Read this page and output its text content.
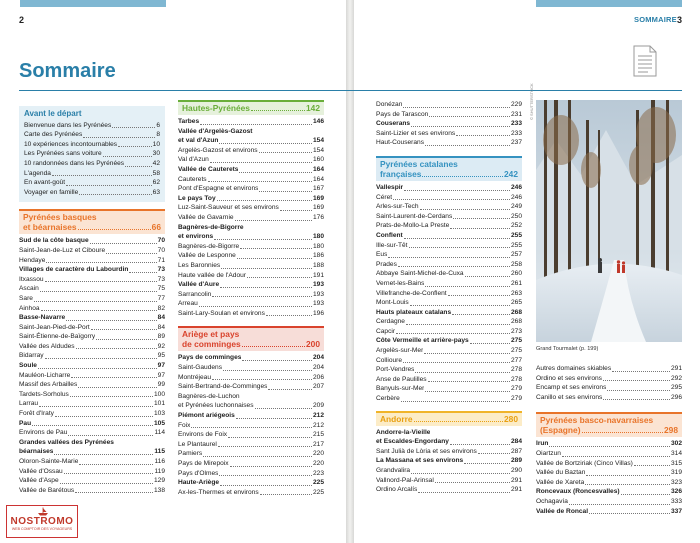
2	SOMMAIRE 3
Sommaire
Avant le départ
Bienvenue dans les Pyrénées	6
Carte des Pyrénées	8
10 expériences incontournables	10
Les Pyrénées sans voiture	30
10 randonnées dans les Pyrénées	42
L'agenda	58
En avant-goût	62
Voyager en famille	63
Pyrénées basques
et béarnaises	66
Sud de la côte basque	70
Saint-Jean-de-Luz et Ciboure	70
Hendaye	71
Villages de caractère du Labourdin	73
Itxassou	73
Ascain	75
Sare	77
Ainhoa	82
Basse-Navarre	84
Saint-Jean-Pied-de-Port	84
Saint-Étienne-de-Baïgorry	89
Vallée des Aldudes	92
Bidarray	95
Soule	97
Mauléon-Licharre	97
Massif des Arbailles	99
Tardets-Sorholus	100
Larrau	101
Forêt d'Iraty	103
Pau	105
Environs de Pau	114
Grandes vallées des Pyrénées
béarnaises	115
Oloron-Sainte-Marie	116
Vallée d'Ossau	119
Vallée d'Aspe	129
Vallée de Barétous	138
Hautes-Pyrénées	142
Tarbes	146
Vallée d'Argelès-Gazost
et val d'Azun	154
Argelès-Gazost et environs	154
Val d'Azun	160
Vallée de Cauterets	164
Cauterets	164
Pont d'Espagne et environs	167
Le pays Toy	169
Luz-Saint-Sauveur et ses environs	169
Vallée de Gavarnie	176
Bagnères-de-Bigorre
et environs	180
Bagnères-de-Bigorre	180
Vallée de Lesponne	186
Les Baronnies	188
Haute vallée de l'Adour	191
Vallée d'Aure	193
Sarrancolin	193
Arreau	193
Saint-Lary-Soulan et environs	196
Ariège et pays
de comminges	200
Pays de comminges	204
Saint-Gaudens	204
Montréjeau	206
Saint-Bertrand-de-Comminges	207
Bagnères-de-Luchon
et Pyrénées luchonnaises	209
Piémont ariégeois	212
Foix	212
Environs de Foix	215
Le Plantaurel	217
Pamiers	220
Pays de Mirepoix	220
Pays d'Olmes	223
Haute-Ariège	225
Ax-les-Thermes et environs	225
Donézan	229
Pays de Tarascon	231
Couserans	233
Saint-Lizier et ses environs	233
Haut-Couserans	237
Pyrénées catalanes
françaises	242
Vallespir	246
Céret	246
Arles-sur-Tech	249
Saint-Laurent-de-Cerdans	250
Prats-de-Mollo-La Preste	252
Conflent	255
Ille-sur-Têt	255
Eus	257
Prades	258
Abbaye Saint-Michel-de-Cuxa	260
Vernet-les-Bains	261
Villefranche-de-Conflent	263
Mont-Louis	265
Hauts plateaux catalans	268
Cerdagne	268
Capcir	273
Côte Vermeille et arrière-pays	275
Argelès-sur-Mer	275
Collioure	277
Port-Vendres	278
Anse de Paulilles	278
Banyuls-sur-Mer	279
Cerbère	279
Andorre	280
Andorre-la-Vieille
et Escaldes-Engordany	284
Sant Julià de Lòria et ses environs	287
La Massana et ses environs	289
Grandvalira	290
Vallnord-Pal-Arinsal	291
Ordino Arcalís	291
Grand Tourmalet (p. 199)
© SHUTTERSTOCK
Autres domaines skiables	291
Ordino et ses environs	292
Encamp et ses environs	295
Canillo et ses environs	296
Pyrénées basco-navarraises
(Espagne)	298
Irun	302
Oiartzun	314
Vallée de Bortziriak (Cinco Villas)	315
Vallée du Baztan	319
Vallée de Xareta	323
Roncevaux (Roncesvalles)	326
Ochagavía	333
Vallée de Roncal	337
NOSTROMO
WEB COMPTOIR DES VOYAGEURS
